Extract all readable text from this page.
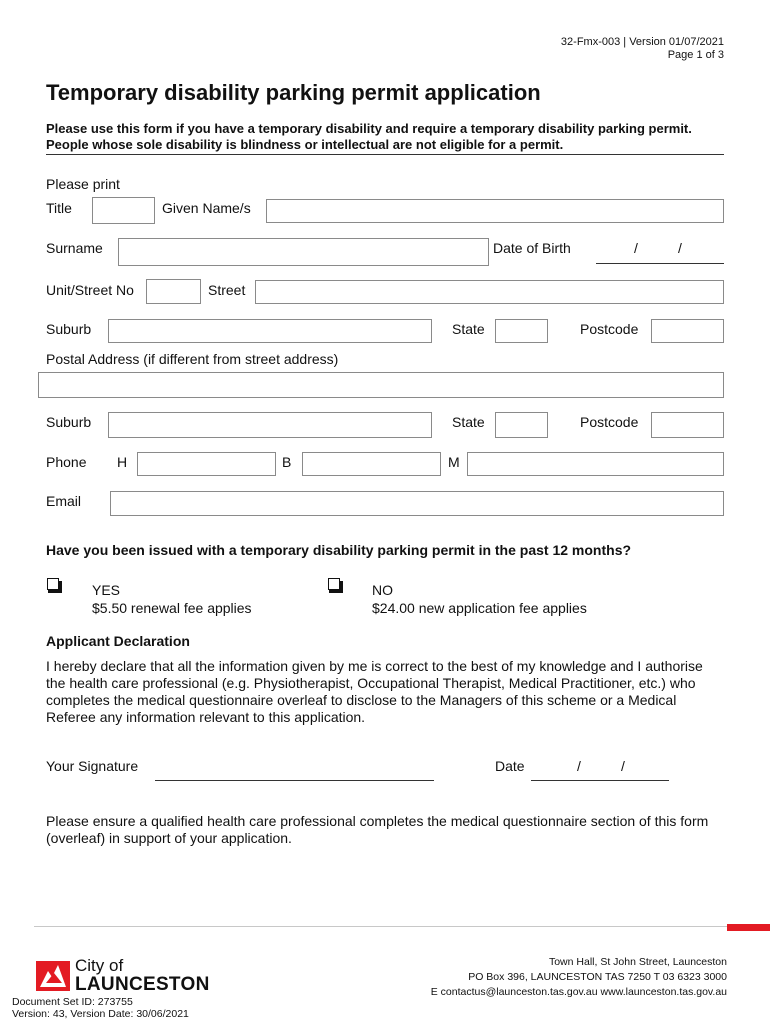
32-Fmx-003 | Version 01/07/2021
Page 1 of 3
Temporary disability parking permit application
Please use this form if you have a temporary disability and require a temporary disability parking permit. People whose sole disability is blindness or intellectual are not eligible for a permit.
Please print
Title	Given Name/s
Surname	Date of Birth	/	/
Unit/Street No	Street
Suburb	State	Postcode
Postal Address (if different from street address)
Suburb	State	Postcode
Phone H	B	M
Email
Have you been issued with a temporary disability parking permit in the past 12 months?
YES
$5.50 renewal fee applies
NO
$24.00 new application fee applies
Applicant Declaration
I hereby declare that all the information given by me is correct to the best of my knowledge and I authorise the health care professional (e.g. Physiotherapist, Occupational Therapist, Medical Practitioner, etc.) who completes the medical questionnaire overleaf to disclose to the Managers of this scheme or a Medical Referee any information relevant to this application.
Your Signature	Date	/	/
Please ensure a qualified health care professional completes the medical questionnaire section of this form (overleaf) in support of your application.
City of
LAUNCESTON
Town Hall, St John Street, Launceston
PO Box 396, LAUNCESTON TAS 7250 T 03 6323 3000
E contactus@launceston.tas.gov.au www.launceston.tas.gov.au
Document Set ID: 273755
Version: 43, Version Date: 30/06/2021
